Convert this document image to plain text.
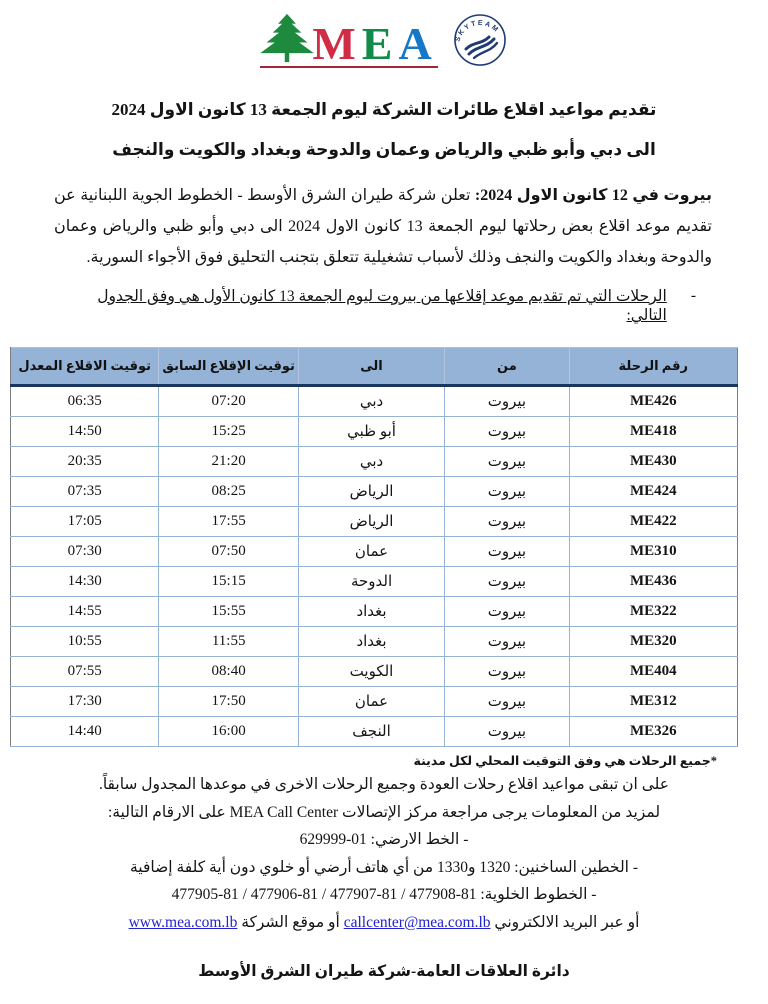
M E A SKYTEAM

تقديم مواعيد اقلاع طائرات الشركة ليوم الجمعة 13 كانون الاول 2024

الى دبي وأبو ظبي والرياض وعمان والدوحة وبغداد والكويت والنجف

بيروت في 12 كانون الاول 2024: تعلن شركة طيران الشرق الأوسط - الخطوط الجوية اللبنانية عن تقديم موعد اقلاع بعض رحلاتها ليوم الجمعة 13 كانون الاول 2024 الى دبي وأبو ظبي والرياض وعمان والدوحة وبغداد والكويت والنجف وذلك لأسباب تشغيلية تتعلق بتجنب التحليق فوق الأجواء السورية.

-
الرحلات التي تم تقديم موعد إقلاعها من بيروت ليوم الجمعة 13 كانون الأول هي وفق الجدول التالي:
رقم الرحلة	من	الى	توقيت الإقلاع السابق	توقيت الاقلاع المعدل
ME426	بيروت	دبي	07:20	06:35
ME418	بيروت	أبو ظبي	15:25	14:50
ME430	بيروت	دبي	21:20	20:35
ME424	بيروت	الرياض	08:25	07:35
ME422	بيروت	الرياض	17:55	17:05
ME310	بيروت	عمان	07:50	07:30
ME436	بيروت	الدوحة	15:15	14:30
ME322	بيروت	بغداد	15:55	14:55
ME320	بيروت	بغداد	11:55	10:55
ME404	بيروت	الكويت	08:40	07:55
ME312	بيروت	عمان	17:50	17:30
ME326	بيروت	النجف	16:00	14:40

*جميع الرحلات هي وفق التوقيت المحلي لكل مدينة

على ان تبقى مواعيد اقلاع رحلات العودة وجميع الرحلات الاخرى في موعدها المجدول سابقاً.

لمزيد من المعلومات يرجى مراجعة مركز الإتصالات MEA Call Center على الارقام التالية:

- الخط الارضي: 01-629999

- الخطين الساخنين: 1320 و1330 من أي هاتف أرضي أو خلوي دون أية كلفة إضافية

- الخطوط الخلوية: 81-477908 / 81-477907 / 81-477906 / 81-477905

أو عبر البريد الالكتروني callcenter@mea.com.lb أو موقع الشركة www.mea.com.lb

دائرة العلاقات العامة-شركة طيران الشرق الأوسط
